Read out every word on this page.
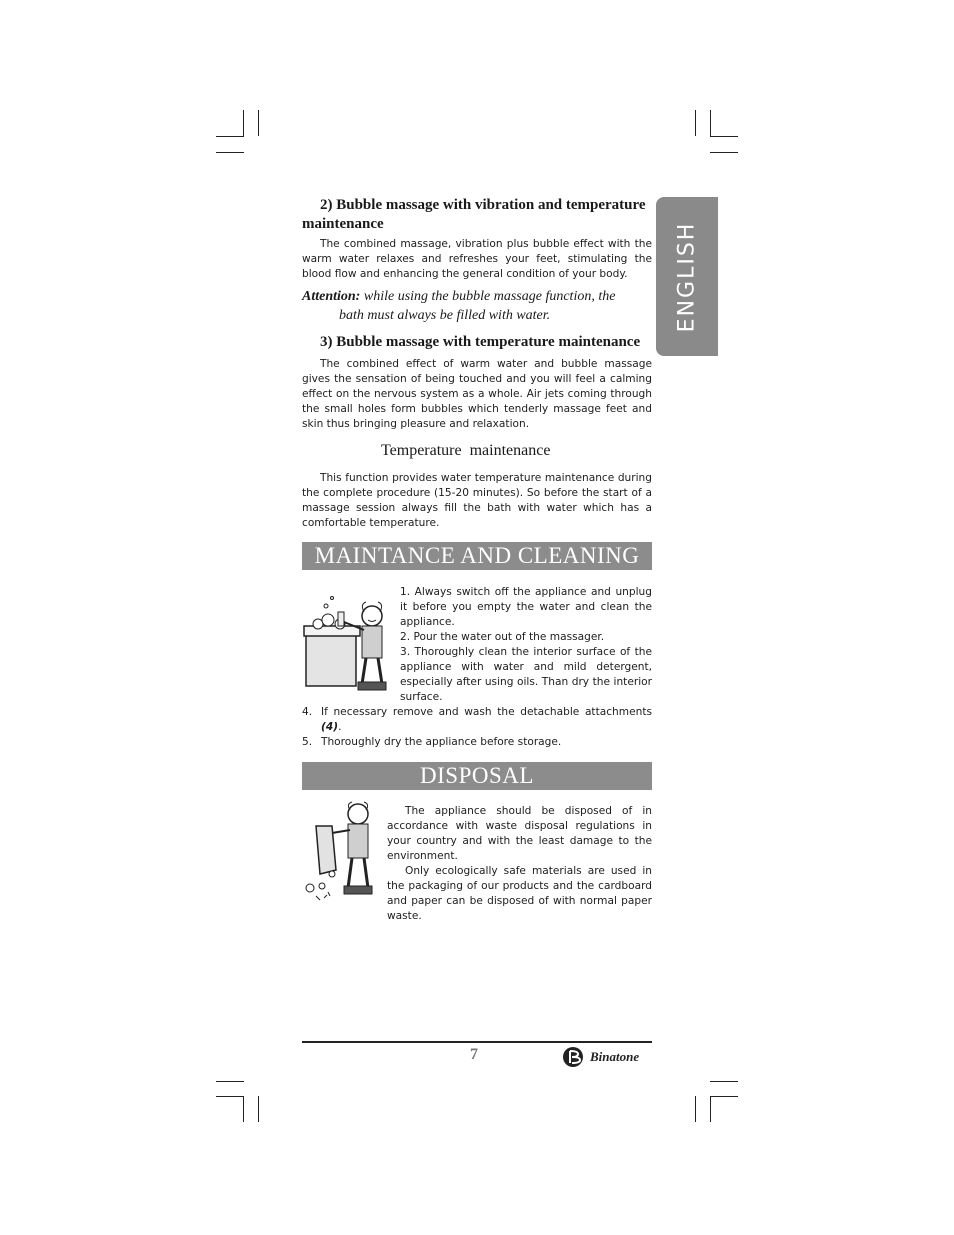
ENGLISH
2) Bubble massage with vibration and temperature
maintenance
The combined massage, vibration plus bubble effect with the warm water relaxes and refreshes your feet, stimulating the blood flow and enhancing the general condition of your body.
Attention: while using the bubble massage function, the
bath must always be filled with water.
3) Bubble massage with temperature maintenance
The combined effect of warm water and bubble massage gives the sensation of being touched and you will feel a calming effect on the nervous system as a whole. Air jets coming through the small holes form bubbles which tenderly massage feet and skin thus bringing pleasure and relaxation.
Temperature  maintenance
This function provides water temperature maintenance during the complete procedure (15-20 minutes). So before the start of a massage session always fill the bath with water which has a comfortable temperature.
MAINTANCE AND CLEANING
1. Always switch off the appliance and unplug it before you empty the water and clean the appliance.
2. Pour the water out of the massager.
3. Thoroughly clean the interior surface of the appliance with water and mild detergent, especially after using oils. Than dry the interior surface.
4. If necessary remove and wash the detachable attachments (4).
5. Thoroughly dry the appliance before storage.
DISPOSAL
The appliance should be disposed of in accordance with waste disposal regulations in your country and with the least damage to the environment.
Only ecologically safe materials are used in the packaging of our products and the cardboard and paper can be disposed of with normal paper waste.
7	Binatone
